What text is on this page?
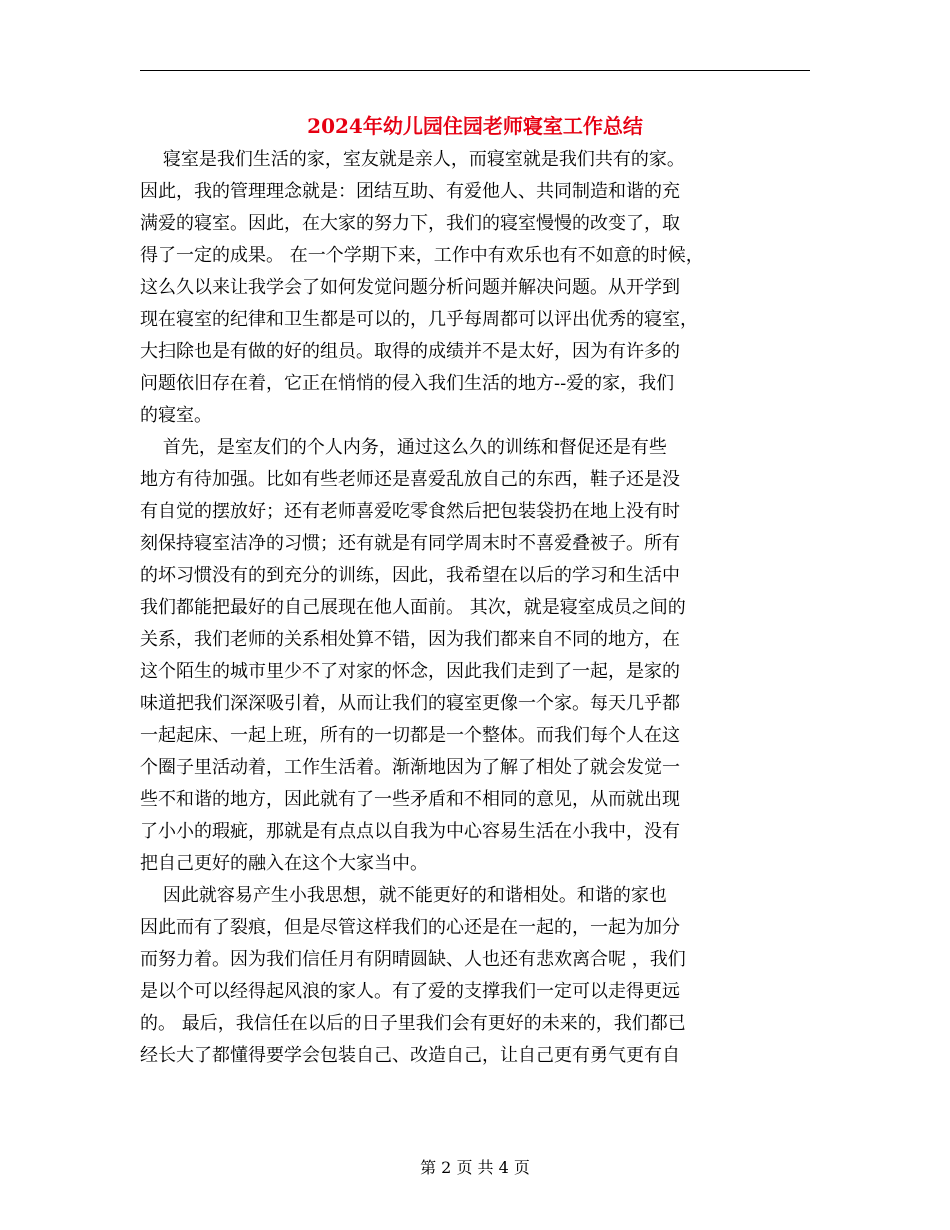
2024年幼儿园住园老师寝室工作总结
寝室是我们生活的家，室友就是亲人，而寝室就是我们共有的家。
因此，我的管理理念就是：团结互助、有爱他人、共同制造和谐的充
满爱的寝室。因此，在大家的努力下，我们的寝室慢慢的改变了，取
得了一定的成果。 在一个学期下来，工作中有欢乐也有不如意的时候，
这么久以来让我学会了如何发觉问题分析问题并解决问题。从开学到
现在寝室的纪律和卫生都是可以的，几乎每周都可以评出优秀的寝室，
大扫除也是有做的好的组员。取得的成绩并不是太好，因为有许多的
问题依旧存在着，它正在悄悄的侵入我们生活的地方--爱的家，我们
的寝室。
首先，是室友们的个人内务，通过这么久的训练和督促还是有些
地方有待加强。比如有些老师还是喜爱乱放自己的东西，鞋子还是没
有自觉的摆放好；还有老师喜爱吃零食然后把包装袋扔在地上没有时
刻保持寝室洁净的习惯；还有就是有同学周末时不喜爱叠被子。所有
的坏习惯没有的到充分的训练，因此，我希望在以后的学习和生活中
我们都能把最好的自己展现在他人面前。 其次，就是寝室成员之间的
关系，我们老师的关系相处算不错，因为我们都来自不同的地方，在
这个陌生的城市里少不了对家的怀念，因此我们走到了一起，是家的
味道把我们深深吸引着，从而让我们的寝室更像一个家。每天几乎都
一起起床、一起上班，所有的一切都是一个整体。而我们每个人在这
个圈子里活动着，工作生活着。渐渐地因为了解了相处了就会发觉一
些不和谐的地方，因此就有了一些矛盾和不相同的意见，从而就出现
了小小的瑕疵，那就是有点点以自我为中心容易生活在小我中，没有
把自己更好的融入在这个大家当中。
因此就容易产生小我思想，就不能更好的和谐相处。和谐的家也
因此而有了裂痕，但是尽管这样我们的心还是在一起的，一起为加分
而努力着。因为我们信任月有阴晴圆缺、人也还有悲欢离合呢 ，我们
是以个可以经得起风浪的家人。有了爱的支撑我们一定可以走得更远
的。 最后，我信任在以后的日子里我们会有更好的未来的，我们都已
经长大了都懂得要学会包装自己、改造自己，让自己更有勇气更有自
第 2 页 共 4 页
